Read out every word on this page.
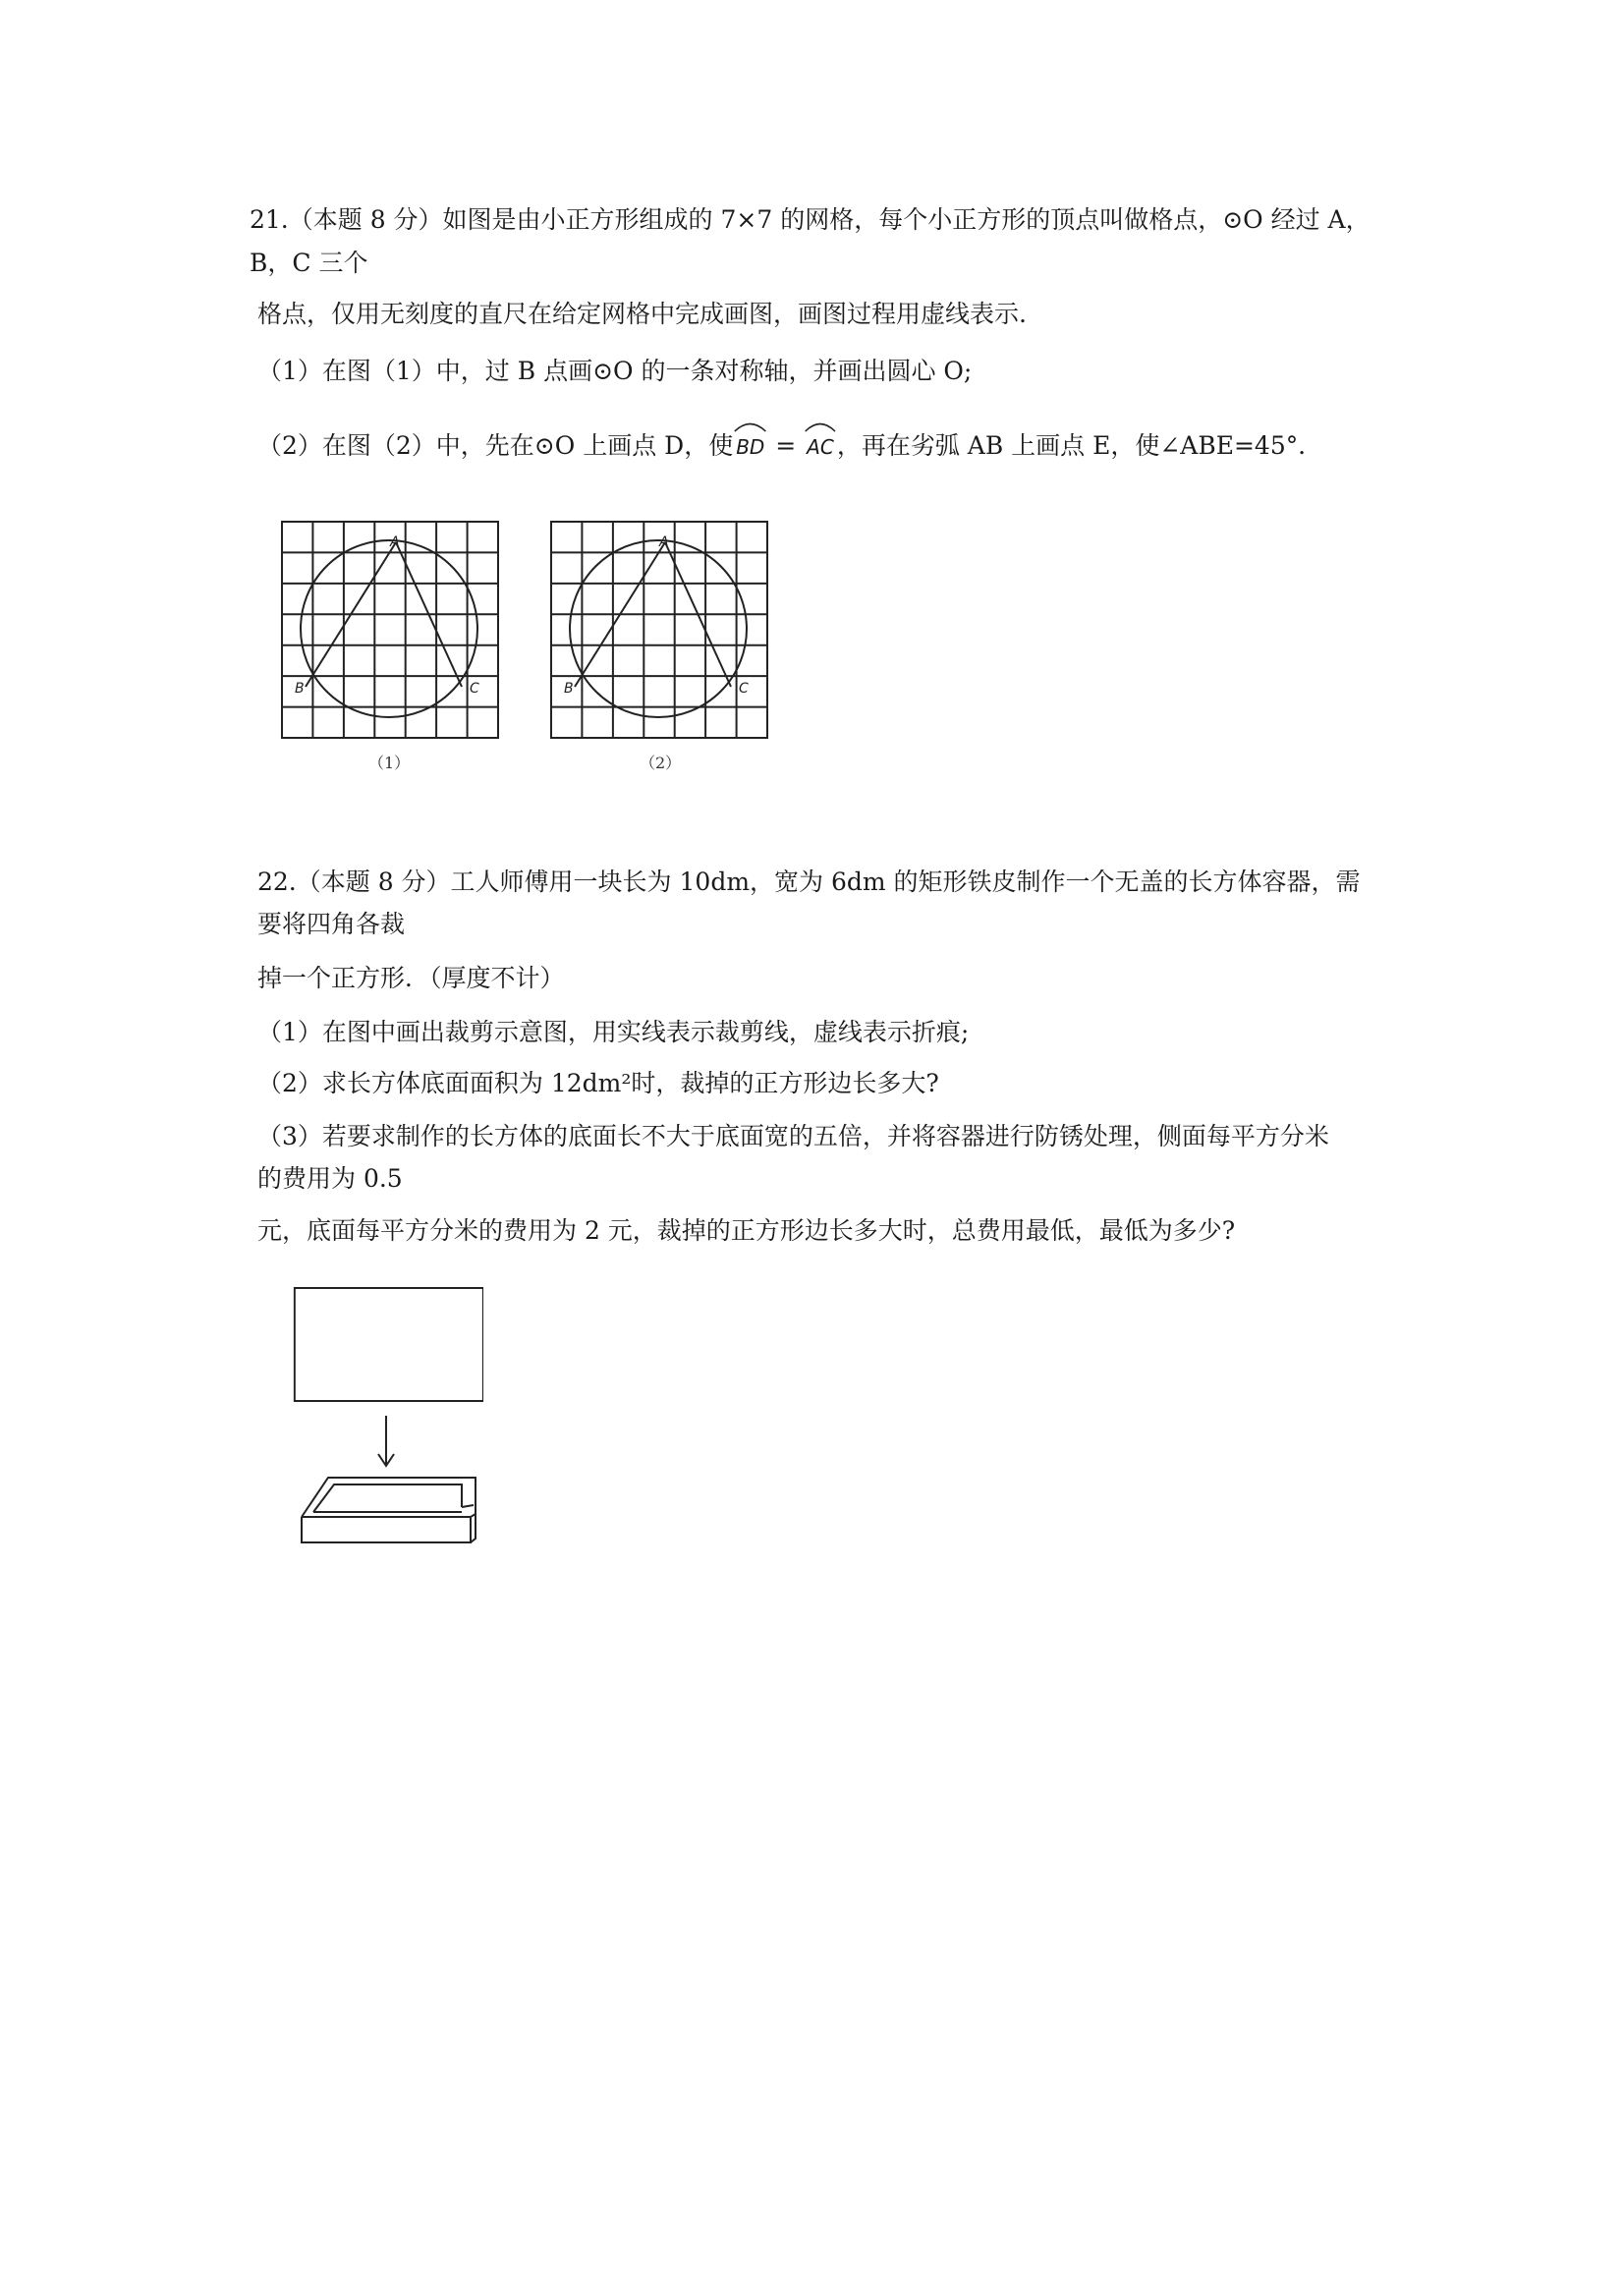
21.（本题 8 分）如图是由小正方形组成的 7×7 的网格，每个小正方形的顶点叫做格点，⊙O 经过 A，
B，C 三个
格点，仅用无刻度的直尺在给定网格中完成画图，画图过程用虚线表示.
（1）在图（1）中，过 B 点画⊙O 的一条对称轴，并画出圆心 O;
（2）在图（2）中，先在⊙O 上画点 D，使 BD =
AC ，再在劣弧 AB 上画点 E，使∠ABE=45°．
A
B	C
（1）
A
B	C
（2）
22.（本题 8 分）工人师傅用一块长为 10dm，宽为 6dm 的矩形铁皮制作一个无盖的长方体容器，需
要将四角各裁
掉一个正方形．（厚度不计）
（1）在图中画出裁剪示意图，用实线表示裁剪线，虚线表示折痕;
（2）求长方体底面面积为 12dm²时，裁掉的正方形边长多大?
（3）若要求制作的长方体的底面长不大于底面宽的五倍，并将容器进行防锈处理，侧面每平方分米
的费用为 0.5
元，底面每平方分米的费用为 2 元，裁掉的正方形边长多大时，总费用最低，最低为多少?
